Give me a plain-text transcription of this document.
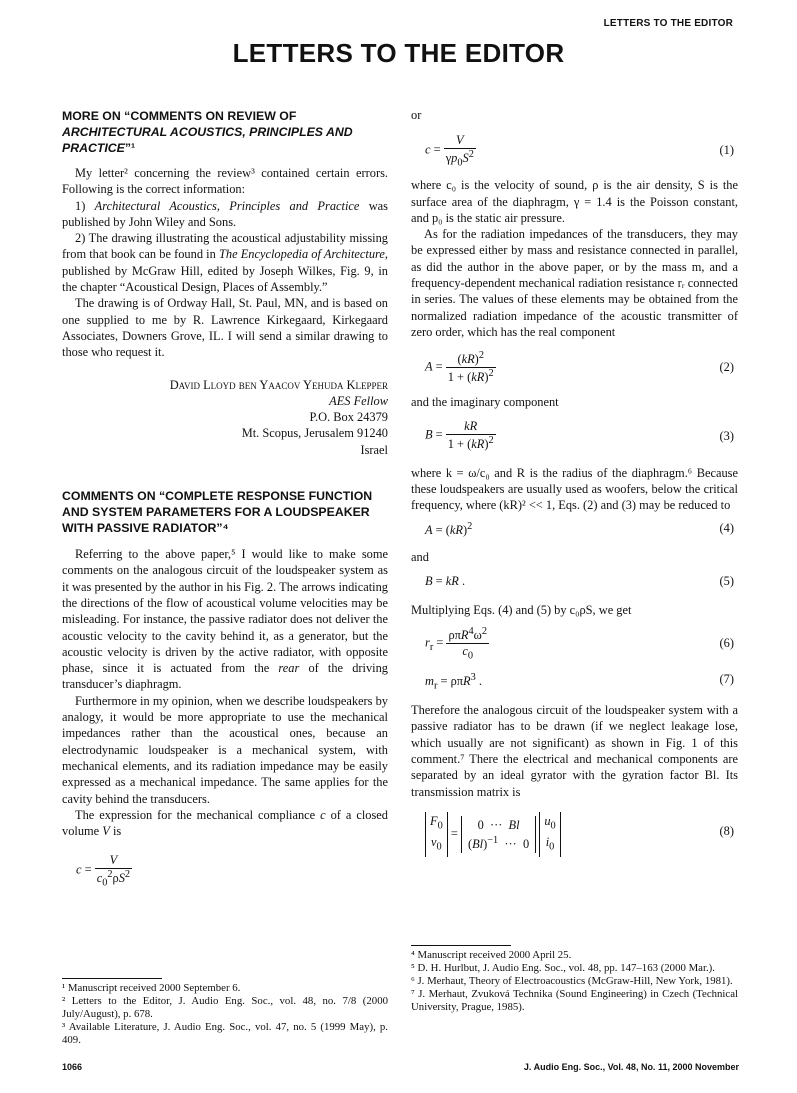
LETTERS TO THE EDITOR
LETTERS TO THE EDITOR
MORE ON “COMMENTS ON REVIEW OF
ARCHITECTURAL ACOUSTICS, PRINCIPLES AND PRACTICE”¹

My letter² concerning the review³ contained certain errors. Following is the correct information:

1) Architectural Acoustics, Principles and Practice was published by John Wiley and Sons.

2) The drawing illustrating the acoustical adjustability missing from that book can be found in The Encyclopedia of Architecture, published by McGraw Hill, edited by Joseph Wilkes, Fig. 9, in the chapter “Acoustical Design, Places of Assembly.”

The drawing is of Ordway Hall, St. Paul, MN, and is based on one supplied to me by R. Lawrence Kirkegaard, Kirkegaard Associates, Downers Grove, IL. I will send a similar drawing to those who request it.

David Lloyd ben Yaacov Yehuda Klepper
AES Fellow
P.O. Box 24379
Mt. Scopus, Jerusalem 91240
Israel
COMMENTS ON “COMPLETE RESPONSE FUNCTION AND SYSTEM PARAMETERS FOR A LOUDSPEAKER WITH PASSIVE RADIATOR”⁴

Referring to the above paper,⁵ I would like to make some comments on the analogous circuit of the loudspeaker system as it was presented by the author in his Fig. 2. The arrows indicating the directions of the flow of acoustical volume velocities may be misleading. For instance, the passive radiator does not deliver the acoustic velocity to the cavity behind it, as a generator, but the acoustic velocity is driven by the active radiator, with opposite phase, since it is actuated from the rear of the driving transducer’s diaphragm.

Furthermore in my opinion, when we describe loudspeakers by analogy, it would be more appropriate to use the mechanical impedances rather than the acoustical ones, because an electrodynamic loudspeaker is a mechanical system, with mechanical elements, and its radiation impedance may be easily expressed as a mechanical impedance. The same applies for the cavity behind the transducers.

The expression for the mechanical compliance c of a closed volume V is

$c = \frac{V}{c_0^2\rho S^2}$

¹ Manuscript received 2000 September 6.

² Letters to the Editor, J. Audio Eng. Soc., vol. 48, no. 7/8 (2000 July/August), p. 678.

³ Available Literature, J. Audio Eng. Soc., vol. 47, no. 5 (1999 May), p. 409.

or

$c = \frac{V}{\gamma p_0S^2}$	(1)

where c₀ is the velocity of sound, ρ is the air density, S is the surface area of the diaphragm, γ = 1.4 is the Poisson constant, and p₀ is the static air pressure.

As for the radiation impedances of the transducers, they may be expressed either by mass and resistance connected in parallel, as did the author in the above paper, or by the mass m, and a frequency-dependent mechanical radiation resistance rᵣ connected in series. The values of these elements may be obtained from the normalized radiation impedance of the acoustic transmitter of zero order, which has the real component

$A = \frac{(kR)^2}{1 + (kR)^2}$	(2)

and the imaginary component

$B = \frac{kR}{1 + (kR)^2}$	(3)

where k = ω/c₀ and R is the radius of the diaphragm.⁶ Because these loudspeakers are usually used as woofers, below the critical frequency, where (kR)² << 1, Eqs. (2) and (3) may be reduced to

A = (kR)$^2$	(4)

and

B = kR .	(5)

Multiplying Eqs. (4) and (5) by c₀ρS, we get

$r_r = \frac{\rho\pi R^4\omega^2}{c_0}$	(6)
$m_r = \rho\pi R^3$ .	(7)

Therefore the analogous circuit of the loudspeaker system with a passive radiator has to be drawn (if we neglect leakage lose, which usually are not significant) as shown in Fig. 1 of this comment.⁷ There the electrical and mechanical components are separated by an ideal gyrator with the gyration factor Bl. Its transmission matrix is

$F_0$
$v_0 = 0$  ···  Bl
$(Bl)^{-1}$  ···  0 $u_0$
$i_0$
(8)

⁴ Manuscript received 2000 April 25.

⁵ D. H. Hurlbut, J. Audio Eng. Soc., vol. 48, pp. 147–163 (2000 Mar.).

⁶ J. Merhaut, Theory of Electroacoustics (McGraw-Hill, New York, 1981).

⁷ J. Merhaut, Zvuková Technika (Sound Engineering) in Czech (Technical University, Prague, 1985).

1066	J. Audio Eng. Soc., Vol. 48, No. 11, 2000 November
